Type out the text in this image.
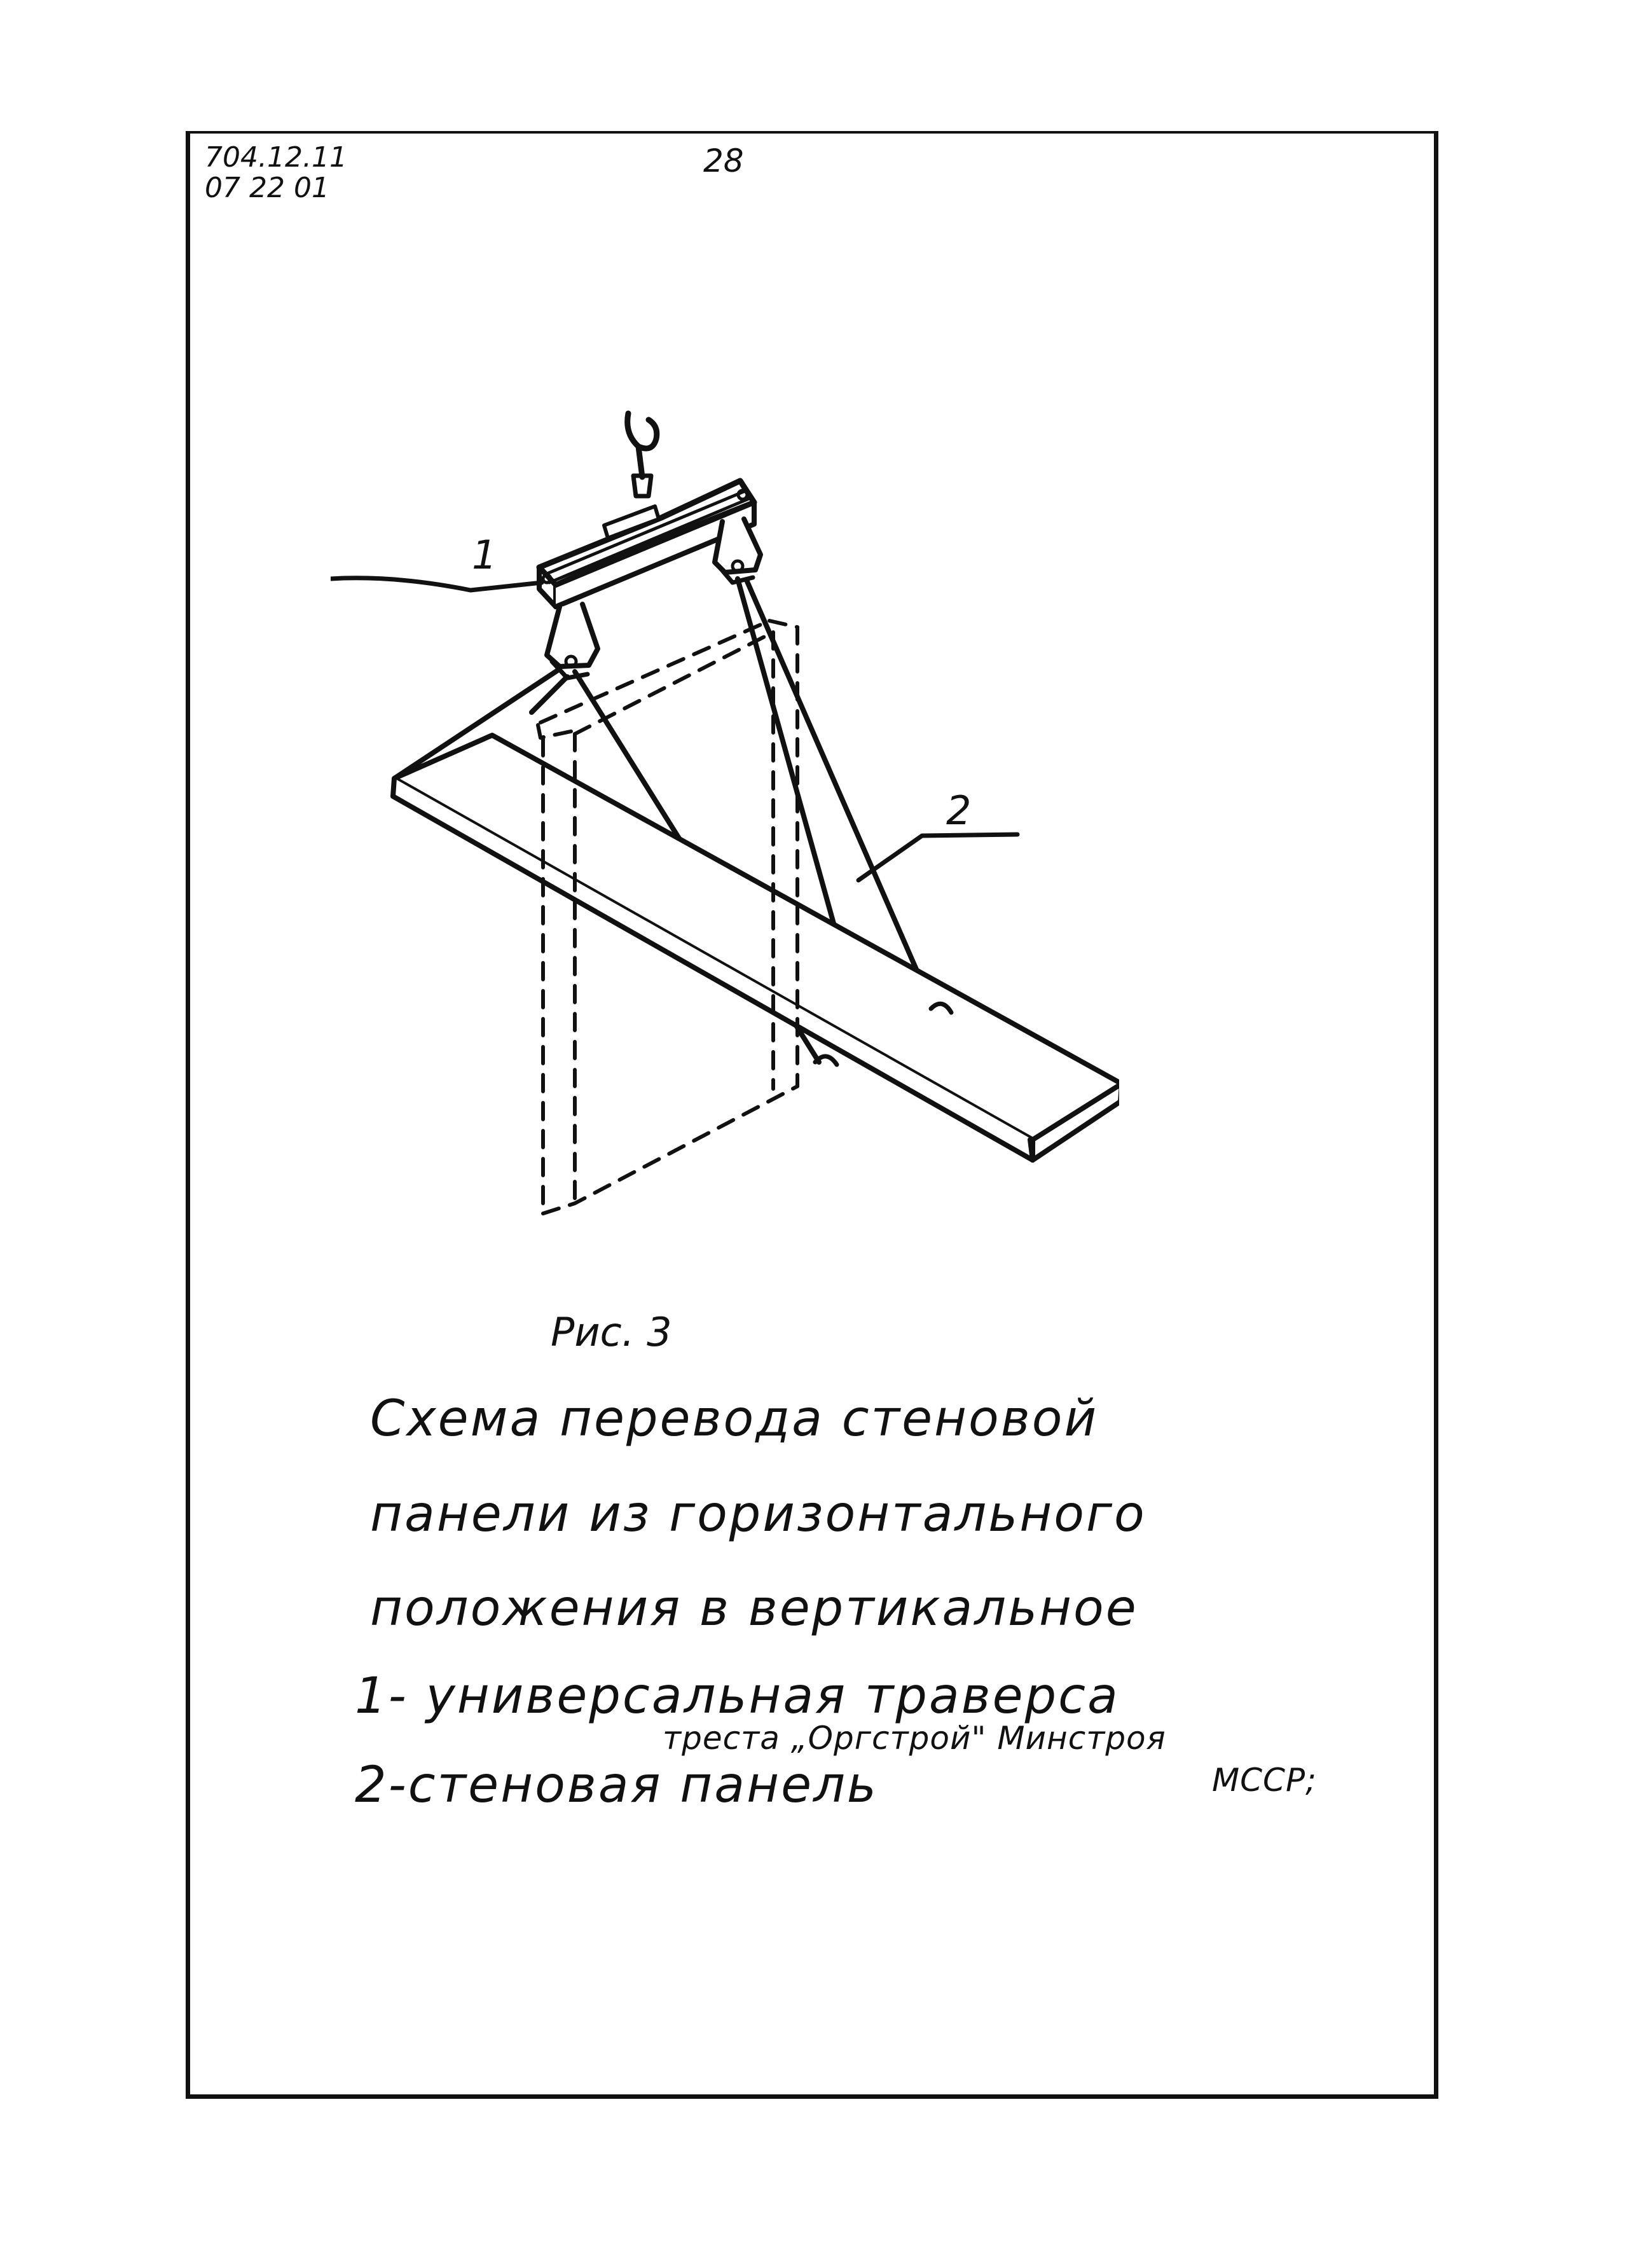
704.12.11
07 22 01
28
1
2
Рис. 3
Схема перевода стеновой
панели из горизонтального
положения в вертикальное
1- универсальная траверса
треста „Оргстрой" Минстроя
2-стеновая панель	МССР;
